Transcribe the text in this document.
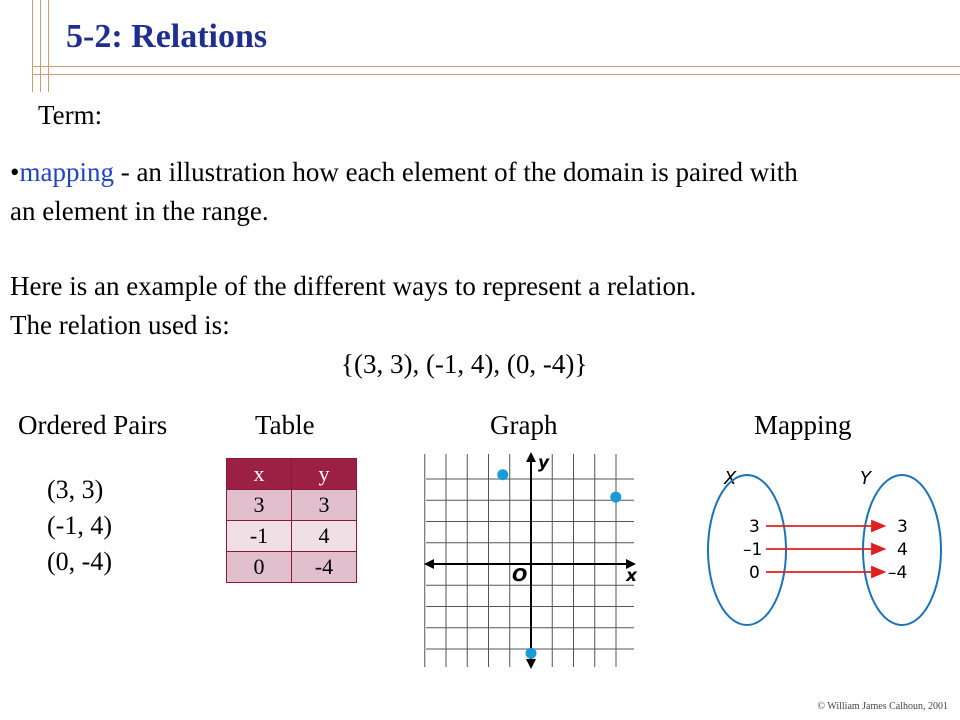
5-2: Relations
Term:
•mapping - an illustration how each element of the domain is paired with
an element in the range.
Here is an example of the different ways to represent a relation.
The relation used is:
{(3, 3), (-1, 4), (0, -4)}
Ordered Pairs	Table	Graph	Mapping
(3, 3)
(-1, 4)
(0, -4)
x	y
3	3
-1	4
0	-4
y
x
O
X	Y
3
–1
0
3
4
–4
© William James Calhoun, 2001
